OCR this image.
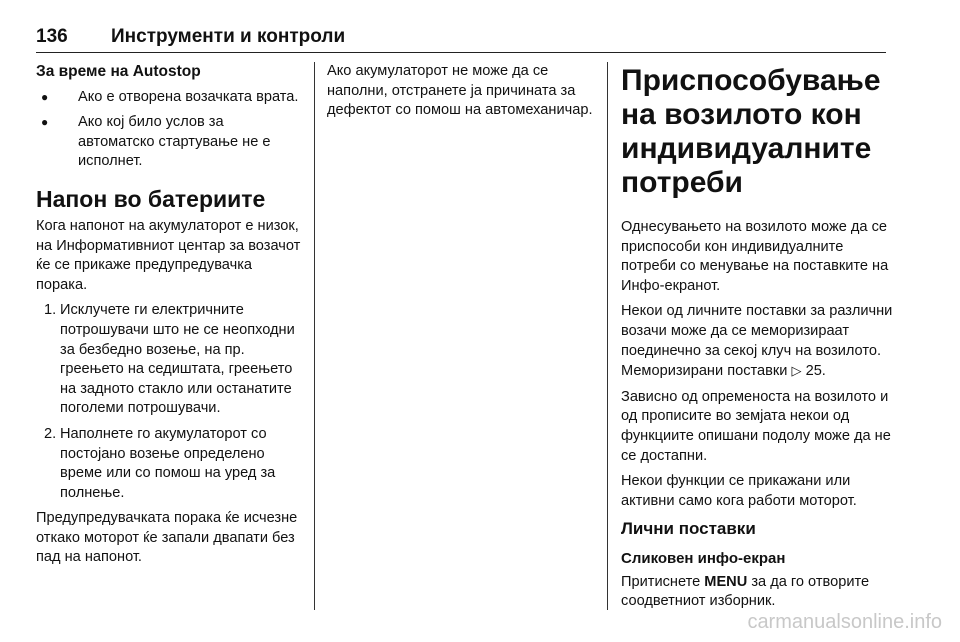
136 Инструменти и контроли
За време на Autostop
● Ако е отворена возачката врата.
● Ако кој било услов за автоматско стартување не е исполнет.
Напон во батериите

Кога напонот на акумулаторот е низок, на Информативниот центар за возачот ќе се прикаже предупредувачка порака.

1. Исклучете ги електричните потрошувачи што не се неопходни за безбедно возење, на пр. греењето на седиштата, греењето на задното стакло или останатите поголеми потрошувачи.
2. Наполнете го акумулаторот со постојано возење определено време или со помош на уред за полнење.

Предупредувачката порака ќе исчезне откако моторот ќе запали двапати без пад на напонот.

Ако акумулаторот не може да се наполни, отстранете ја причината за дефектот со помош на автомеханичар.

Приспособување на возилото кон индивидуалните потреби

Однесувањето на возилото може да се приспособи кон индивидуалните потреби со менување на поставките на Инфо-екранот.

Некои од личните поставки за различни возачи може да се меморизираат поединечно за секој клуч на возилото. Меморизирани поставки ▷ 25.

Зависно од опременоста на возилото и од прописите во земјата некои од функциите опишани подолу може да не се достапни.

Некои функции се прикажани или активни само кога работи моторот.

Лични поставки
Сликовен инфо-екран

Притиснете MENU за да го отворите соодветниот изборник.

carmanualsonline.info
